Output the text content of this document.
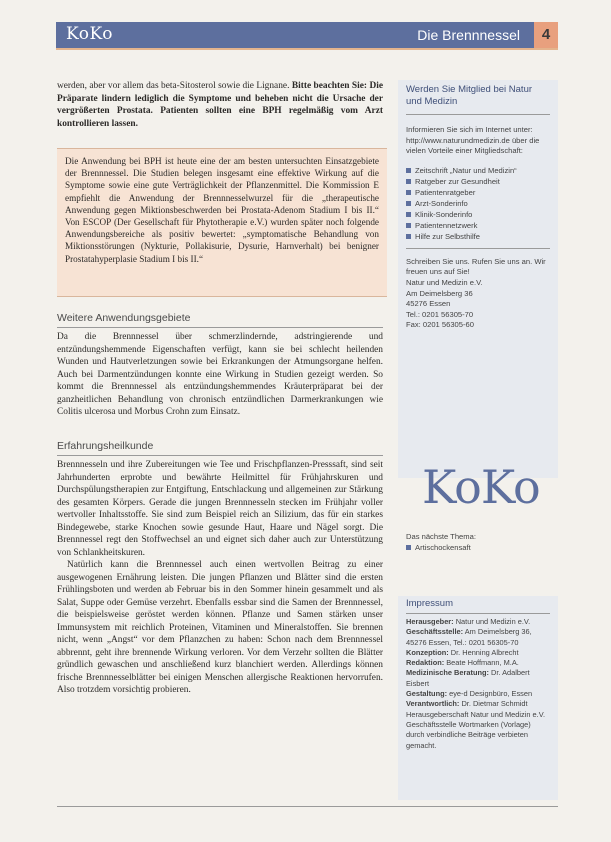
KoKo	Die Brennnessel	4

werden, aber vor allem das beta-Sitosterol sowie die Lignane. Bitte beachten Sie: Die Präparate lindern lediglich die Symptome und beheben nicht die Ursache der vergrößerten Prostata. Patienten sollten eine BPH regelmäßig vom Arzt kontrollieren lassen.

Die Anwendung bei BPH ist heute eine der am besten untersuchten Einsatzgebiete der Brennnessel. Die Studien belegen insgesamt eine effektive Wirkung auf die Symptome sowie eine gute Verträglichkeit der Pflanzenmittel. Die Kommission E empfiehlt die Anwendung der Brennnesselwurzel für die „therapeutische Anwendung gegen Miktionsbeschwerden bei Prostata-Adenom Stadium I bis II.“ Von ESCOP (Der Gesellschaft für Phytotherapie e.V.) wurden später noch folgende Anwendungsbereiche als positiv bewertet: „symptomatische Behandlung von Miktionsstörungen (Nykturie, Pollakisurie, Dysurie, Harnverhalt) bei benigner Prostatahyperplasie Stadium I bis II.“

Weitere Anwendungsgebiete

Da die Brennnessel über schmerzlindernde, adstringierende und entzündungshemmende Eigenschaften verfügt, kann sie bei schlecht heilenden Wunden und Hautverletzungen sowie bei Erkrankungen der Atmungsorgane helfen. Auch bei Darmentzündungen konnte eine Wirkung in Studien gezeigt werden. So kommt die Brennnessel als entzündungshemmendes Kräuterpräparat bei der ganzheitlichen Behandlung von chronisch entzündlichen Darmerkrankungen wie Colitis ulcerosa und Morbus Crohn zum Einsatz.

Erfahrungsheilkunde

Brennnesseln und ihre Zubereitungen wie Tee und Frischpflanzen-Presssaft, sind seit Jahrhunderten erprobte und bewährte Heilmittel für Frühjahrskuren und Durchspülungstherapien zur Entgiftung, Entschlackung und allgemeinen zur Stärkung des gesamten Körpers. Gerade die jungen Brennnesseln stecken im Frühjahr voller wertvoller Inhaltsstoffe. Sie sind zum Beispiel reich an Silizium, das für ein starkes Bindegewebe, starke Knochen sowie gesunde Haut, Haare und Nägel sorgt. Die Brennnessel regt den Stoffwechsel an und eignet sich daher auch zur Unterstützung von Schlankheitskuren.

Natürlich kann die Brennnessel auch einen wertvollen Beitrag zu einer ausgewogenen Ernährung leisten. Die jungen Pflanzen und Blätter sind die ersten Frühlingsboten und werden ab Februar bis in den Sommer hinein gesammelt und als Salat, Suppe oder Gemüse verzehrt. Ebenfalls essbar sind die Samen der Brennnessel, die beispielsweise geröstet werden können. Pflanze und Samen stärken unser Immunsystem mit reichlich Proteinen, Vitaminen und Mineralstoffen. Sie brennen nicht, wenn „Angst“ vor dem Pflanzchen zu haben: Schon nach dem Brennnessel abbrennt, geht ihre brennende Wirkung verloren. Vor dem Verzehr sollten die Blätter gründlich gewaschen und anschließend kurz blanchiert werden. Allerdings können frische Brennnesselblätter bei einigen Menschen allergische Reaktionen hervorrufen. Also trotzdem vorsichtig probieren.

Werden Sie Mitglied bei Natur und Medizin

Informieren Sie sich im Internet unter: http://www.naturundmedizin.de über die vielen Vorteile einer Mitgliedschaft:

Zeitschrift „Natur und Medizin“
Ratgeber zur Gesundheit
Patientenratgeber
Arzt-Sonderinfo
Klinik-Sonderinfo
Patientennetzwerk
Hilfe zur Selbsthilfe

Schreiben Sie uns. Rufen Sie uns an. Wir freuen uns auf Sie!

Natur und Medizin e.V.

Am Deimelsberg 36

45276 Essen

Tel.: 0201 56305-70

Fax: 0201 56305-60

KoKo

Das nächste Thema:

Artischockensaft

Impressum

Herausgeber: Natur und Medizin e.V.

Geschäftsstelle: Am Deimelsberg 36, 45276 Essen, Tel.: 0201 56305-70

Konzeption: Dr. Henning Albrecht

Redaktion: Beate Hoffmann, M.A.

Medizinische Beratung: Dr. Adalbert Eisbert

Gestaltung: eye-d Designbüro, Essen

Verantwortlich: Dr. Dietmar Schmidt

Herausgeberschaft Natur und Medizin e.V. Geschäftsstelle Wortmarken (Vorlage) durch verbindliche Beiträge verbieten gemacht.
